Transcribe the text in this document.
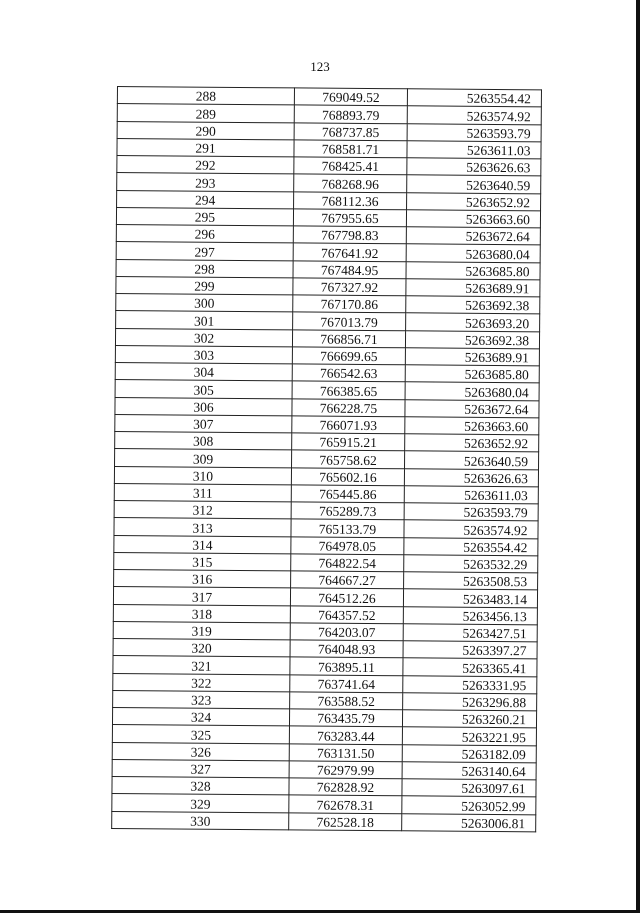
123
288	769049.52	5263554.42
289	768893.79	5263574.92
290	768737.85	5263593.79
291	768581.71	5263611.03
292	768425.41	5263626.63
293	768268.96	5263640.59
294	768112.36	5263652.92
295	767955.65	5263663.60
296	767798.83	5263672.64
297	767641.92	5263680.04
298	767484.95	5263685.80
299	767327.92	5263689.91
300	767170.86	5263692.38
301	767013.79	5263693.20
302	766856.71	5263692.38
303	766699.65	5263689.91
304	766542.63	5263685.80
305	766385.65	5263680.04
306	766228.75	5263672.64
307	766071.93	5263663.60
308	765915.21	5263652.92
309	765758.62	5263640.59
310	765602.16	5263626.63
311	765445.86	5263611.03
312	765289.73	5263593.79
313	765133.79	5263574.92
314	764978.05	5263554.42
315	764822.54	5263532.29
316	764667.27	5263508.53
317	764512.26	5263483.14
318	764357.52	5263456.13
319	764203.07	5263427.51
320	764048.93	5263397.27
321	763895.11	5263365.41
322	763741.64	5263331.95
323	763588.52	5263296.88
324	763435.79	5263260.21
325	763283.44	5263221.95
326	763131.50	5263182.09
327	762979.99	5263140.64
328	762828.92	5263097.61
329	762678.31	5263052.99
330	762528.18	5263006.81
